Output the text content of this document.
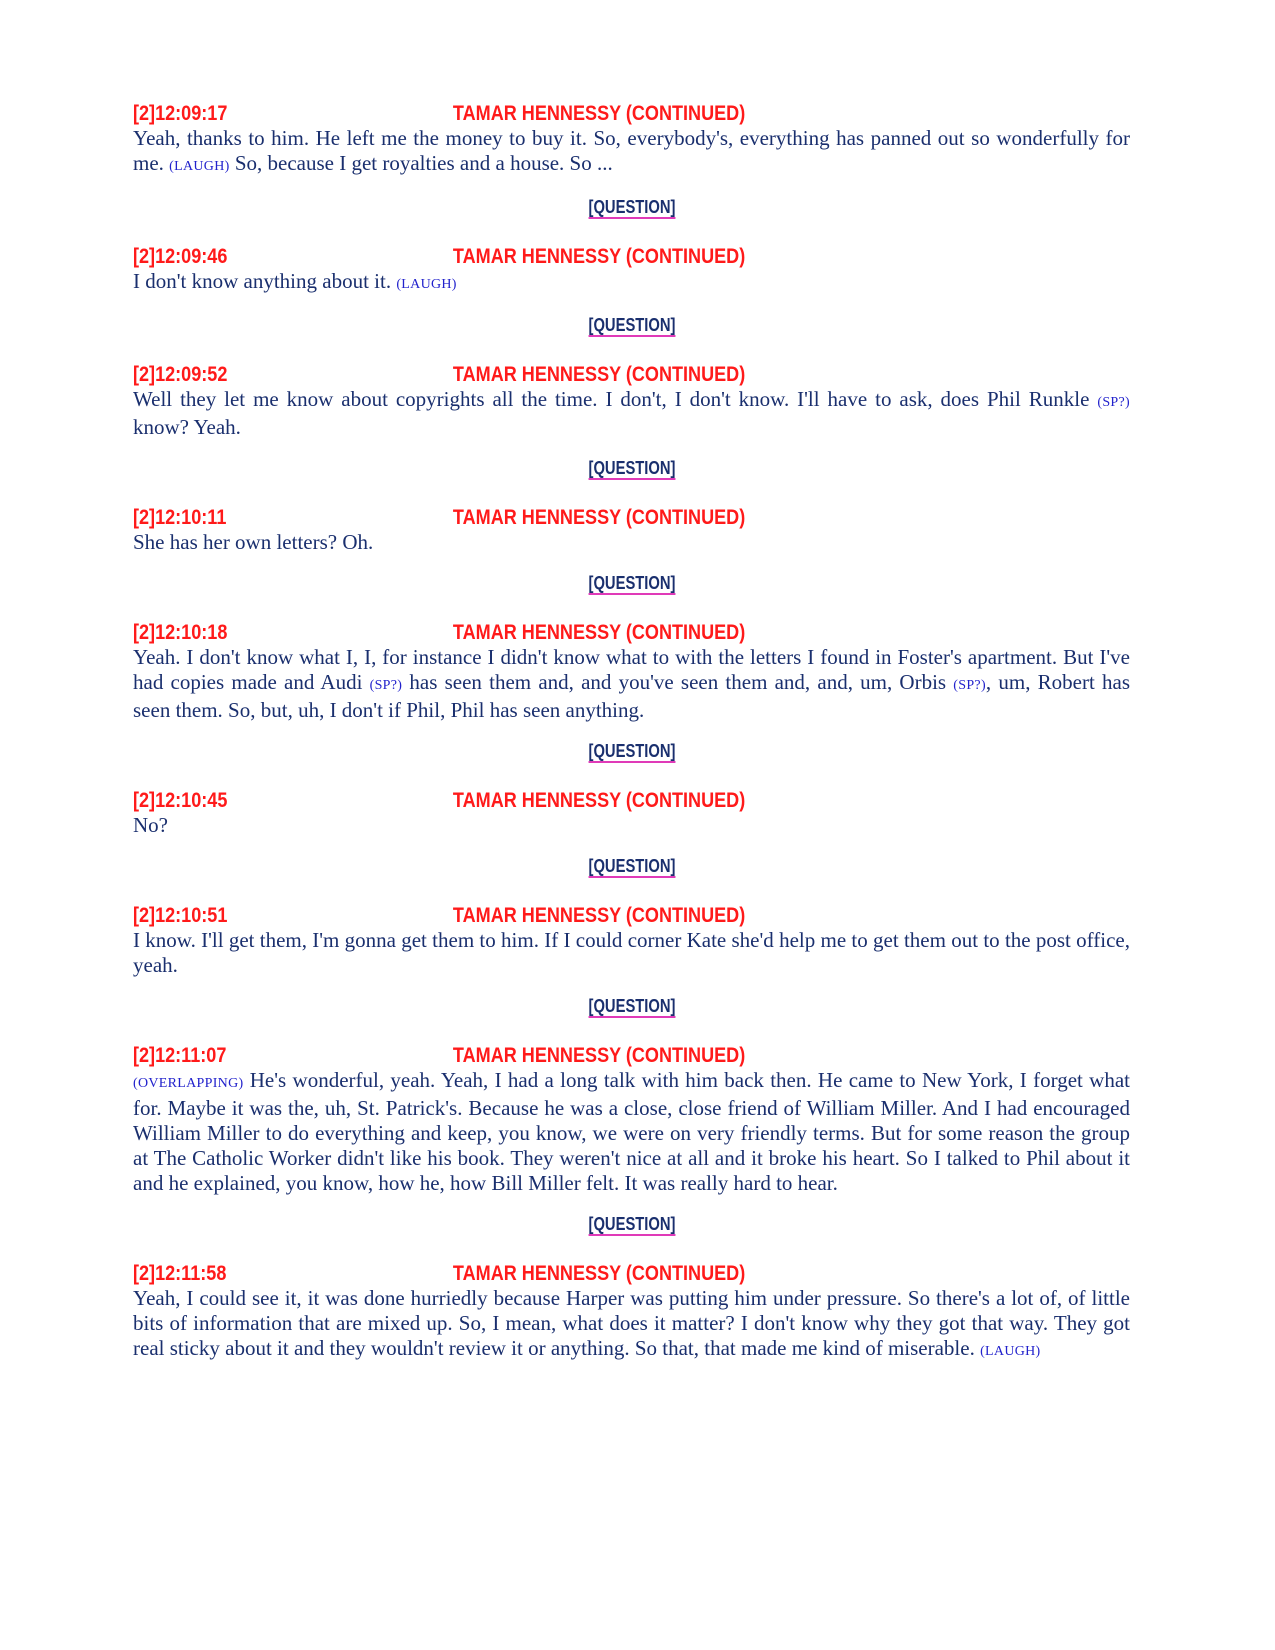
[2]12:09:17	TAMAR HENNESSY (CONTINUED)
Yeah, thanks to him. He left me the money to buy it. So, everybody's, everything has panned out so wonderfully for me. (LAUGH) So, because I get royalties and a house. So ...
[QUESTION]
[2]12:09:46	TAMAR HENNESSY (CONTINUED)
I don't know anything about it. (LAUGH)
[QUESTION]
[2]12:09:52	TAMAR HENNESSY (CONTINUED)
Well they let me know about copyrights all the time. I don't, I don't know. I'll have to ask, does Phil Runkle (SP?) know? Yeah.
[QUESTION]
[2]12:10:11	TAMAR HENNESSY (CONTINUED)
She has her own letters? Oh.
[QUESTION]
[2]12:10:18	TAMAR HENNESSY (CONTINUED)
Yeah. I don't know what I, I, for instance I didn't know what to with the letters I found in Foster's apartment. But I've had copies made and Audi (SP?) has seen them and, and you've seen them and, and, um, Orbis (SP?), um, Robert has seen them. So, but, uh, I don't if Phil, Phil has seen anything.
[QUESTION]
[2]12:10:45	TAMAR HENNESSY (CONTINUED)
No?
[QUESTION]
[2]12:10:51	TAMAR HENNESSY (CONTINUED)
I know. I'll get them, I'm gonna get them to him. If I could corner Kate she'd help me to get them out to the post office, yeah.
[QUESTION]
[2]12:11:07	TAMAR HENNESSY (CONTINUED)
(OVERLAPPING) He's wonderful, yeah. Yeah, I had a long talk with him back then. He came to New York, I forget what for. Maybe it was the, uh, St. Patrick's. Because he was a close, close friend of William Miller. And I had encouraged William Miller to do everything and keep, you know, we were on very friendly terms. But for some reason the group at The Catholic Worker didn't like his book. They weren't nice at all and it broke his heart. So I talked to Phil about it and he explained, you know, how he, how Bill Miller felt. It was really hard to hear.
[QUESTION]
[2]12:11:58	TAMAR HENNESSY (CONTINUED)
Yeah, I could see it, it was done hurriedly because Harper was putting him under pressure. So there's a lot of, of little bits of information that are mixed up. So, I mean, what does it matter? I don't know why they got that way. They got real sticky about it and they wouldn't review it or anything. So that, that made me kind of miserable. (LAUGH)
